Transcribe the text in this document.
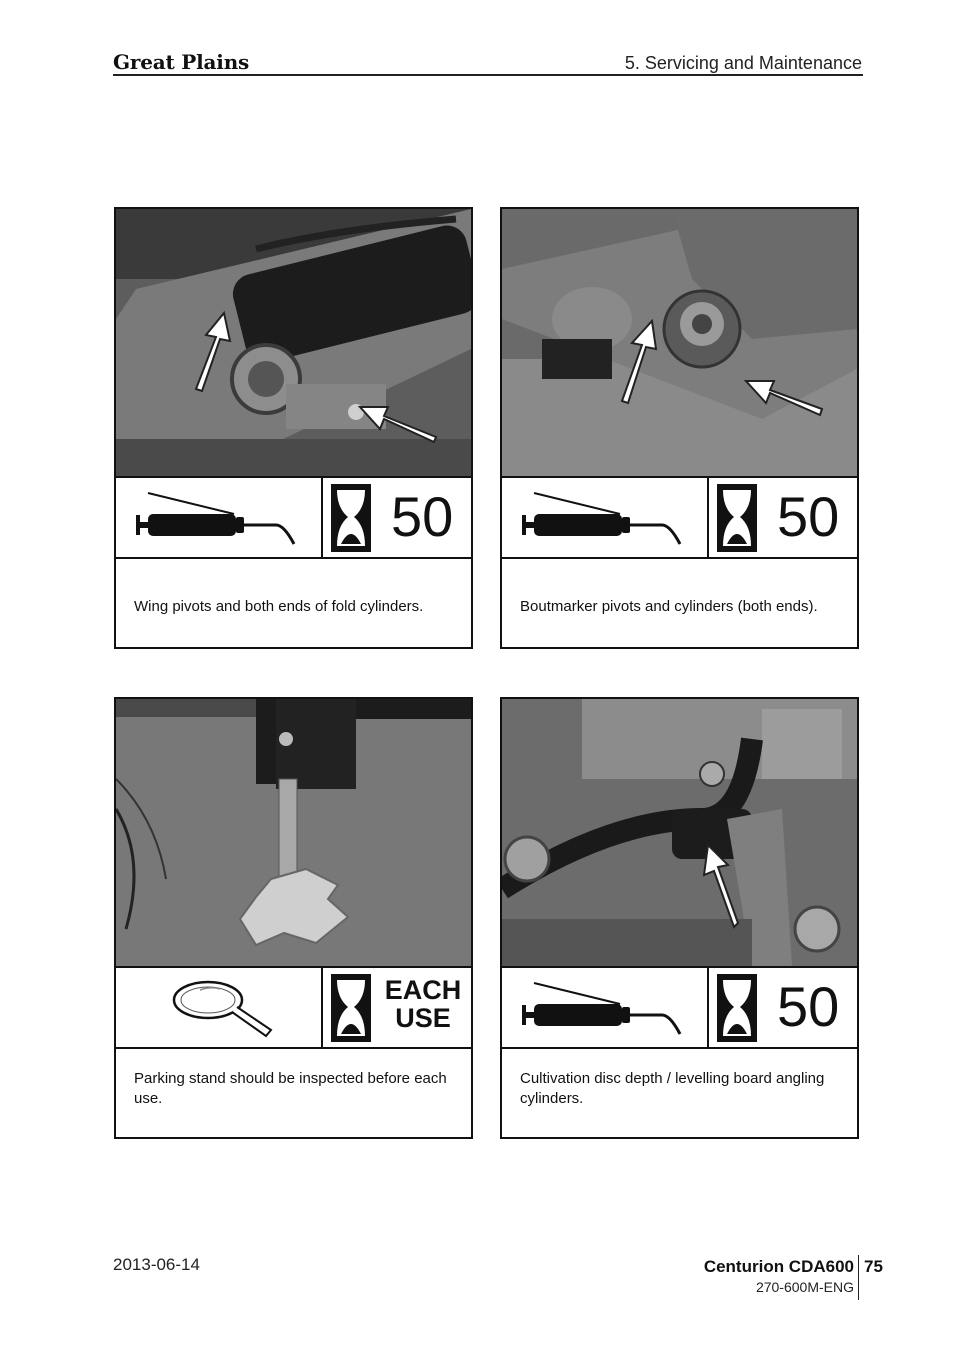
Great Plains	5. Servicing and Maintenance
50
Wing pivots and both ends of fold cylinders.
50
Boutmarker pivots and cylinders (both ends).
EACH
USE
Parking stand should be inspected before each use.
50
Cultivation disc depth / levelling board angling cylinders.
2013-06-14	Centurion CDA600 75
270-600M-ENG
